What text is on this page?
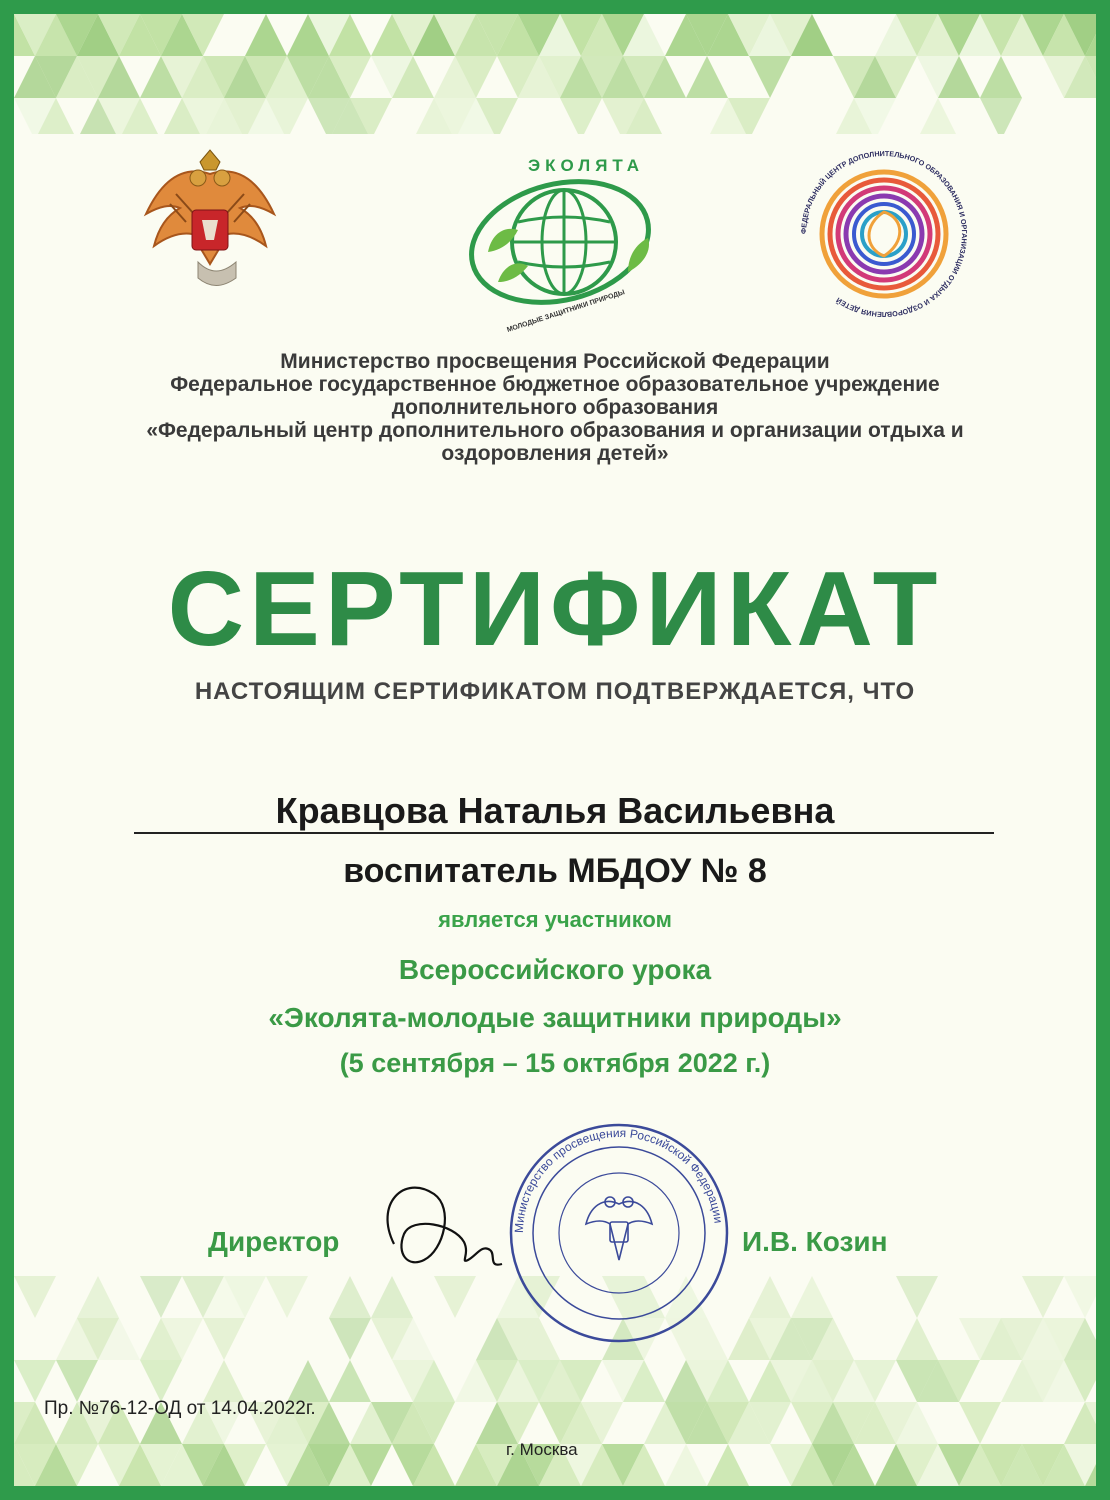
ЭКОЛЯТА
МОЛОДЫЕ ЗАЩИТНИКИ ПРИРОДЫ
ФЕДЕРАЛЬНЫЙ ЦЕНТР ДОПОЛНИТЕЛЬНОГО ОБРАЗОВАНИЯ И ОРГАНИЗАЦИИ ОТДЫХА И ОЗДОРОВЛЕНИЯ ДЕТЕЙ
Министерство просвещения Российской Федерации
Федеральное государственное бюджетное образовательное учреждение
дополнительного образования
«Федеральный центр дополнительного образования и организации отдыха и
оздоровления детей»
СЕРТИФИКАТ
НАСТОЯЩИМ СЕРТИФИКАТОМ ПОДТВЕРЖДАЕТСЯ, ЧТО
Кравцова Наталья Васильевна
воспитатель МБДОУ № 8
является участником
Всероссийского урока
«Эколята-молодые защитники природы»
(5 сентября – 15 октября 2022 г.)
Директор	Министерство просвещения Российской Федерации
И.В. Козин
Пр. №76-12-ОД от 14.04.2022г.
г. Москва
